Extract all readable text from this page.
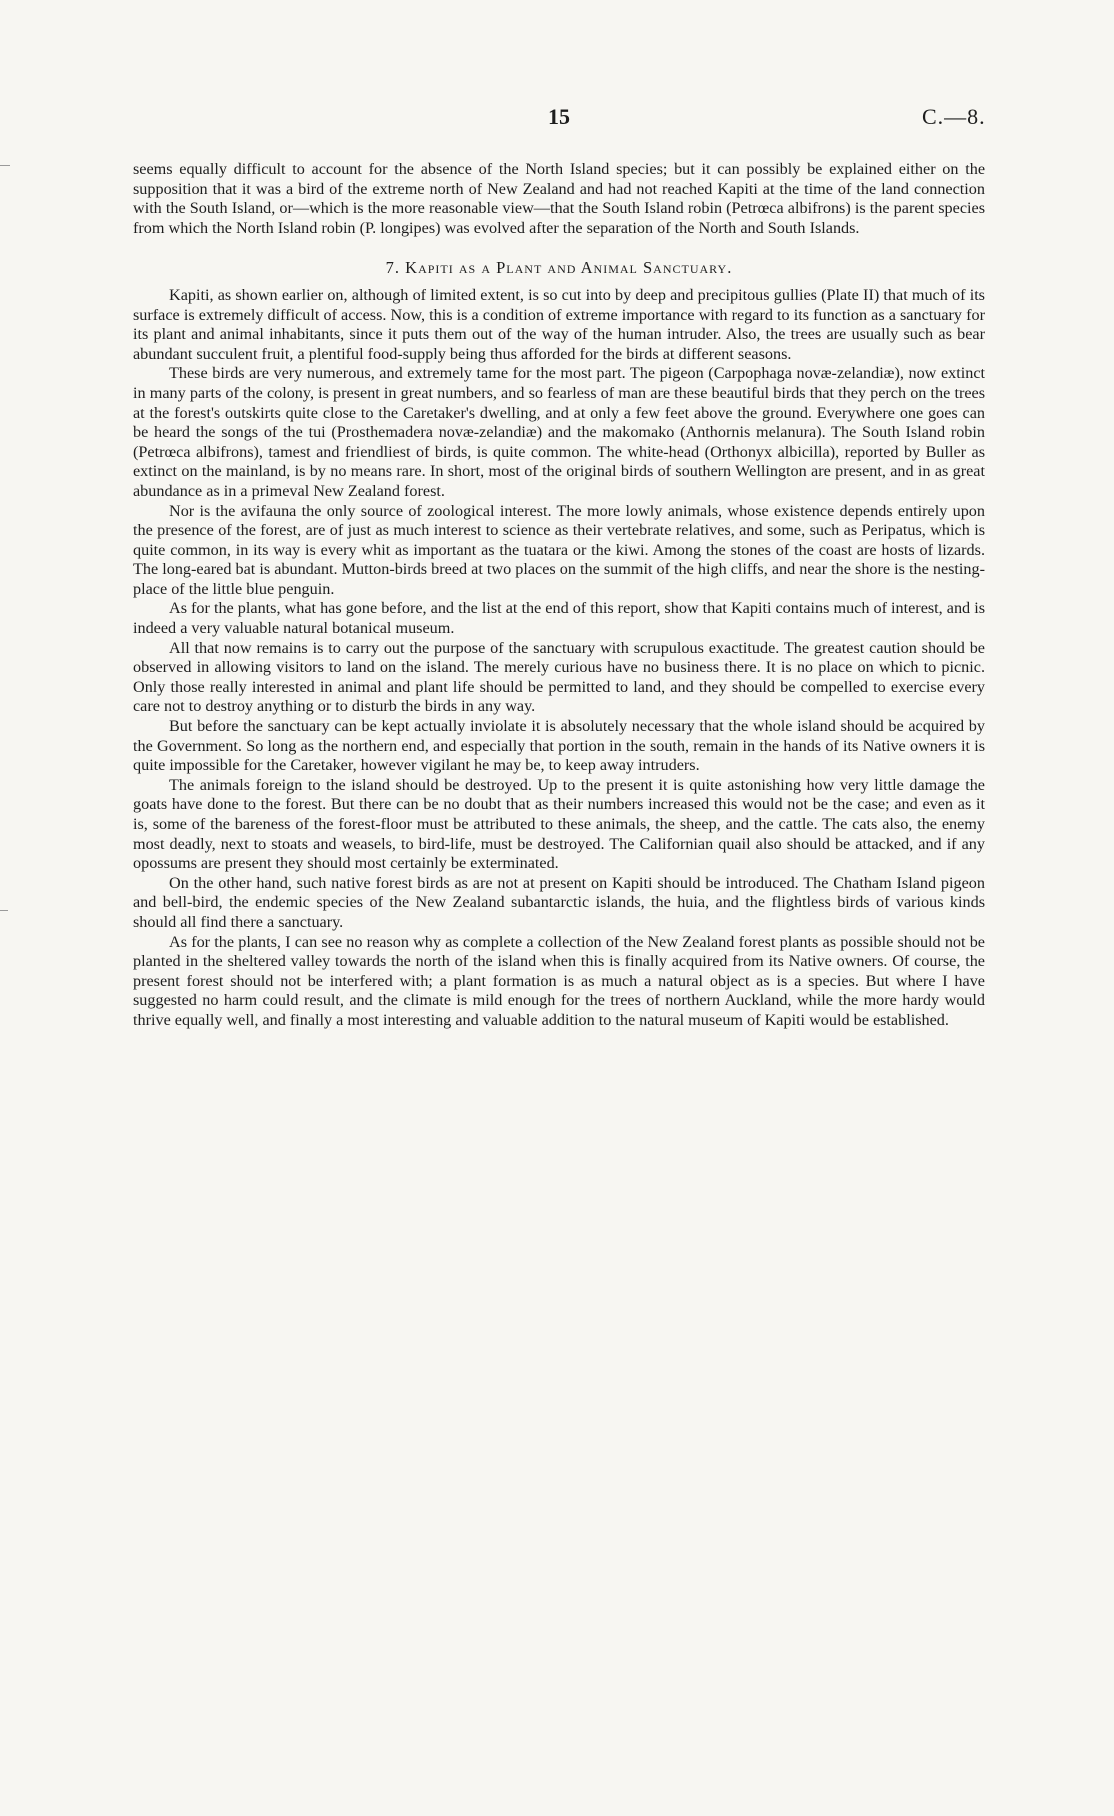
15	C.—8.

seems equally difficult to account for the absence of the North Island species; but it can possibly be explained either on the supposition that it was a bird of the extreme north of New Zealand and had not reached Kapiti at the time of the land connection with the South Island, or—which is the more reasonable view—that the South Island robin (Petrœca albifrons) is the parent species from which the North Island robin (P. longipes) was evolved after the separation of the North and South Islands.

7. Kapiti as a Plant and Animal Sanctuary.

Kapiti, as shown earlier on, although of limited extent, is so cut into by deep and precipitous gullies (Plate II) that much of its surface is extremely difficult of access. Now, this is a condition of extreme importance with regard to its function as a sanctuary for its plant and animal inhabitants, since it puts them out of the way of the human intruder. Also, the trees are usually such as bear abundant succulent fruit, a plentiful food-supply being thus afforded for the birds at different seasons.

These birds are very numerous, and extremely tame for the most part. The pigeon (Carpophaga novæ-zelandiæ), now extinct in many parts of the colony, is present in great numbers, and so fearless of man are these beautiful birds that they perch on the trees at the forest's outskirts quite close to the Caretaker's dwelling, and at only a few feet above the ground. Everywhere one goes can be heard the songs of the tui (Prosthemadera novæ-zelandiæ) and the makomako (Anthornis melanura). The South Island robin (Petrœca albifrons), tamest and friendliest of birds, is quite common. The white-head (Orthonyx albicilla), reported by Buller as extinct on the mainland, is by no means rare. In short, most of the original birds of southern Wellington are present, and in as great abundance as in a primeval New Zealand forest.

Nor is the avifauna the only source of zoological interest. The more lowly animals, whose existence depends entirely upon the presence of the forest, are of just as much interest to science as their vertebrate relatives, and some, such as Peripatus, which is quite common, in its way is every whit as important as the tuatara or the kiwi. Among the stones of the coast are hosts of lizards. The long-eared bat is abundant. Mutton-birds breed at two places on the summit of the high cliffs, and near the shore is the nesting-place of the little blue penguin.

As for the plants, what has gone before, and the list at the end of this report, show that Kapiti contains much of interest, and is indeed a very valuable natural botanical museum.

All that now remains is to carry out the purpose of the sanctuary with scrupulous exactitude. The greatest caution should be observed in allowing visitors to land on the island. The merely curious have no business there. It is no place on which to picnic. Only those really interested in animal and plant life should be permitted to land, and they should be compelled to exercise every care not to destroy anything or to disturb the birds in any way.

But before the sanctuary can be kept actually inviolate it is absolutely necessary that the whole island should be acquired by the Government. So long as the northern end, and especially that portion in the south, remain in the hands of its Native owners it is quite impossible for the Caretaker, however vigilant he may be, to keep away intruders.

The animals foreign to the island should be destroyed. Up to the present it is quite astonishing how very little damage the goats have done to the forest. But there can be no doubt that as their numbers increased this would not be the case; and even as it is, some of the bareness of the forest-floor must be attributed to these animals, the sheep, and the cattle. The cats also, the enemy most deadly, next to stoats and weasels, to bird-life, must be destroyed. The Californian quail also should be attacked, and if any opossums are present they should most certainly be exterminated.

On the other hand, such native forest birds as are not at present on Kapiti should be introduced. The Chatham Island pigeon and bell-bird, the endemic species of the New Zealand subantarctic islands, the huia, and the flightless birds of various kinds should all find there a sanctuary.

As for the plants, I can see no reason why as complete a collection of the New Zealand forest plants as possible should not be planted in the sheltered valley towards the north of the island when this is finally acquired from its Native owners. Of course, the present forest should not be interfered with; a plant formation is as much a natural object as is a species. But where I have suggested no harm could result, and the climate is mild enough for the trees of northern Auckland, while the more hardy would thrive equally well, and finally a most interesting and valuable addition to the natural museum of Kapiti would be established.
